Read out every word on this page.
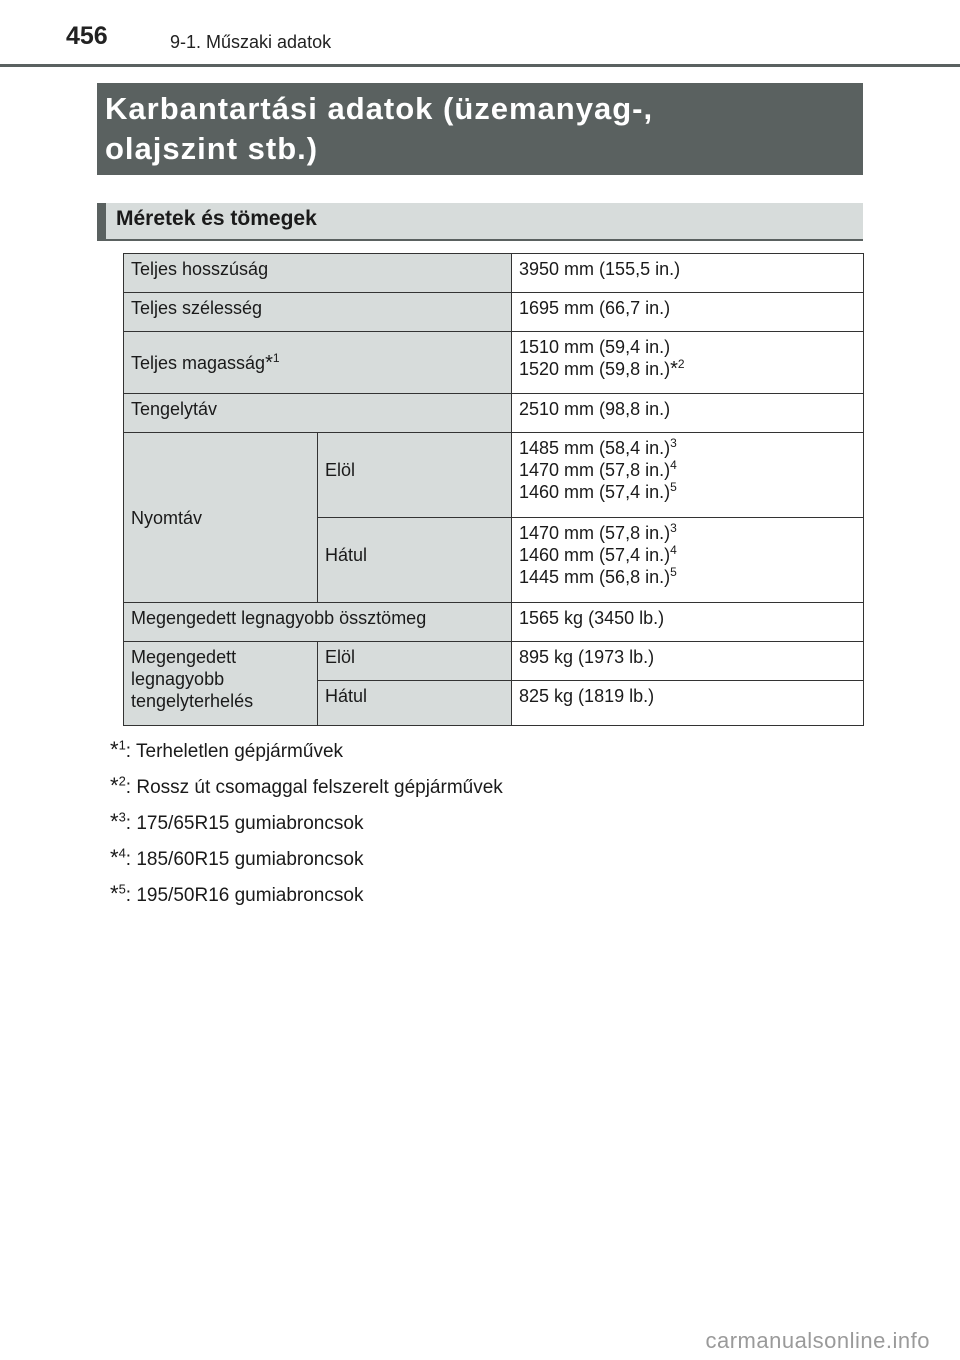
456	9-1. Műszaki adatok
Karbantartási adatok (üzemanyag-,
olajszint stb.)
Méretek és tömegek
Teljes hosszúság		3950 mm (155,5 in.)
Teljes szélesség		1695 mm (66,7 in.)
Teljes magasság*$^1$		1510 mm (59,4 in.)
1520 mm (59,8 in.)*$^2$

Tengelytáv		2510 mm (98,8 in.)
Nyomtáv	Elöl	1485 mm (58,4 in.)$^3$
1470 mm (57,8 in.)$^4$
1460 mm (57,4 in.)$^5$

	Hátul	1470 mm (57,8 in.)$^3$
1460 mm (57,4 in.)$^4$
1445 mm (56,8 in.)$^5$

Megengedett legnagyobb össztömeg		1565 kg (3450 lb.)

Megengedett
legnagyobb
tengelyterhelés	Elöl	895 kg (1973 lb.)
	Hátul	825 kg (1819 lb.)
*$^1$: Terheletlen gépjárművek
*$^2$: Rossz út csomaggal felszerelt gépjárművek
*$^3$: 175/65R15 gumiabroncsok
*$^4$: 185/60R15 gumiabroncsok
*$^5$: 195/50R16 gumiabroncsok
carmanualsonline.info
